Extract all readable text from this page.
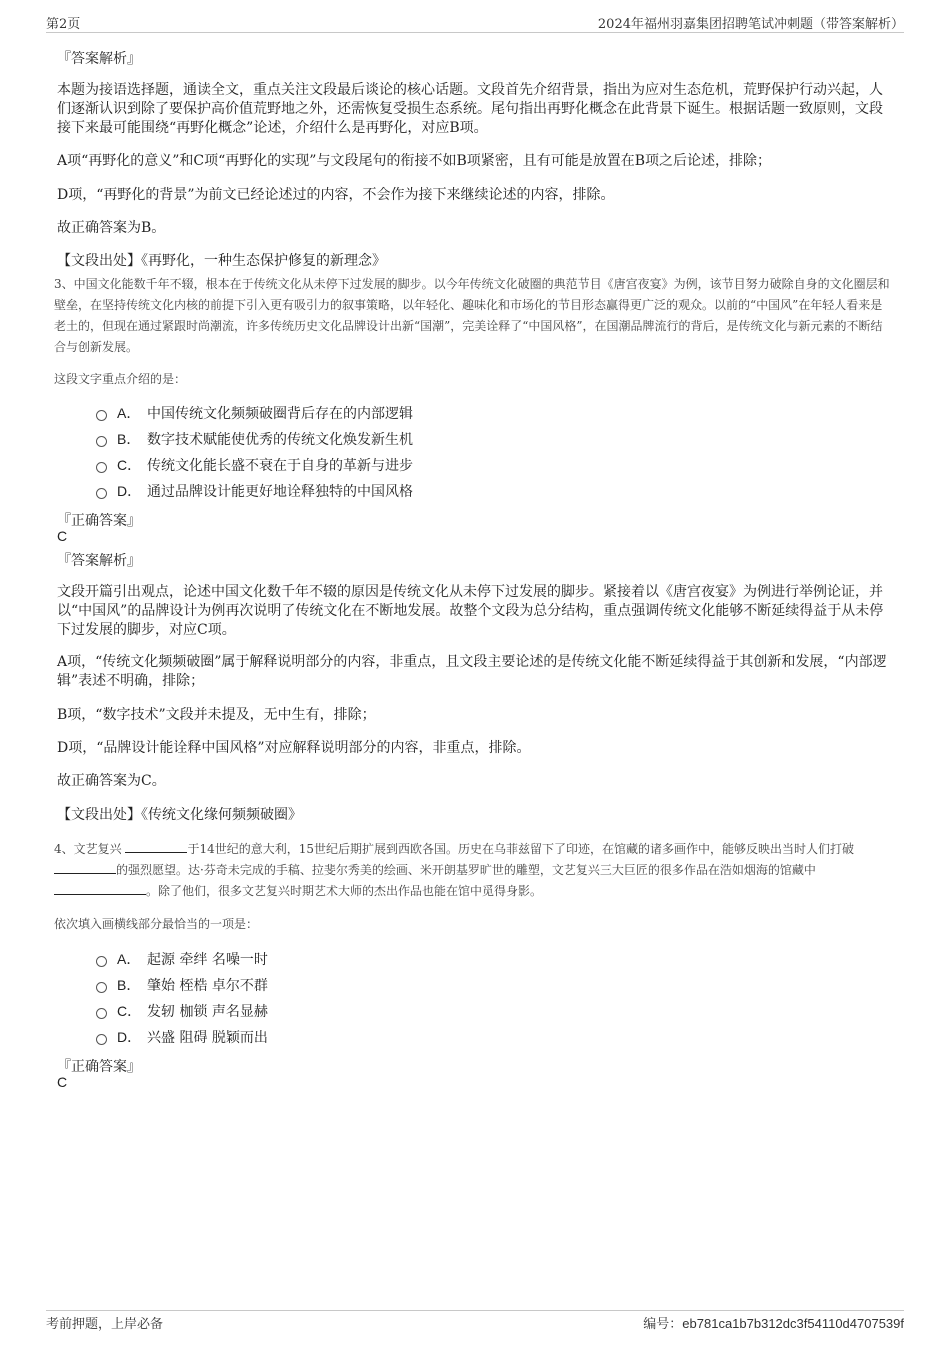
第2页	2024年福州羽嘉集团招聘笔试冲刺题（带答案解析）
『答案解析』

本题为接语选择题，通读全文，重点关注文段最后谈论的核心话题。文段首先介绍背景，指出为应对生态危机，荒野保护行动兴起，人们逐渐认识到除了要保护高价值荒野地之外，还需恢复受损生态系统。尾句指出再野化概念在此背景下诞生。根据话题一致原则，文段接下来最可能围绕“再野化概念”论述，介绍什么是再野化，对应B项。

A项“再野化的意义”和C项“再野化的实现”与文段尾句的衔接不如B项紧密，且有可能是放置在B项之后论述，排除；

D项，“再野化的背景”为前文已经论述过的内容，不会作为接下来继续论述的内容，排除。

故正确答案为B。

【文段出处】《再野化，一种生态保护修复的新理念》

3、中国文化能数千年不辍，根本在于传统文化从未停下过发展的脚步。以今年传统文化破圈的典范节目《唐宫夜宴》为例，该节目努力破除自身的文化圈层和壁垒，在坚持传统文化内核的前提下引入更有吸引力的叙事策略，以年轻化、趣味化和市场化的节目形态赢得更广泛的观众。以前的“中国风”在年轻人看来是老土的，但现在通过紧跟时尚潮流，许多传统历史文化品牌设计出新“国潮”，完美诠释了“中国风格”，在国潮品牌流行的背后，是传统文化与新元素的不断结合与创新发展。

这段文字重点介绍的是：
A． 中国传统文化频频破圈背后存在的内部逻辑
B． 数字技术赋能使优秀的传统文化焕发新生机
C． 传统文化能长盛不衰在于自身的革新与进步
D． 通过品牌设计能更好地诠释独特的中国风格
『正确答案』
C
『答案解析』

文段开篇引出观点，论述中国文化数千年不辍的原因是传统文化从未停下过发展的脚步。紧接着以《唐宫夜宴》为例进行举例论证，并以“中国风”的品牌设计为例再次说明了传统文化在不断地发展。故整个文段为总分结构，重点强调传统文化能够不断延续得益于从未停下过发展的脚步，对应C项。

A项，“传统文化频频破圈”属于解释说明部分的内容，非重点，且文段主要论述的是传统文化能不断延续得益于其创新和发展，“内部逻辑”表述不明确，排除；

B项，“数字技术”文段并未提及，无中生有，排除；

D项，“品牌设计能诠释中国风格”对应解释说明部分的内容，非重点，排除。

故正确答案为C。

【文段出处】《传统文化缘何频频破圈》

4、文艺复兴	于14世纪的意大利，15世纪后期扩展到西欧各国。历史在乌菲兹留下了印迹，在馆藏的诸多画作中，能够反映出当时人们打破 的强烈愿望。达·芬奇未完成的手稿、拉斐尔秀美的绘画、米开朗基罗旷世的雕塑，文艺复兴三大巨匠的很多作品在浩如烟海的馆藏中 。除了他们，很多文艺复兴时期艺术大师的杰出作品也能在馆中觅得身影。

依次填入画横线部分最恰当的一项是：
A． 起源 牵绊 名噪一时
B． 肇始 桎梏 卓尔不群
C． 发轫 枷锁 声名显赫
D． 兴盛 阻碍 脱颖而出
『正确答案』
C
考前押题，上岸必备	编号：eb781ca1b7b312dc3f54110d4707539f
